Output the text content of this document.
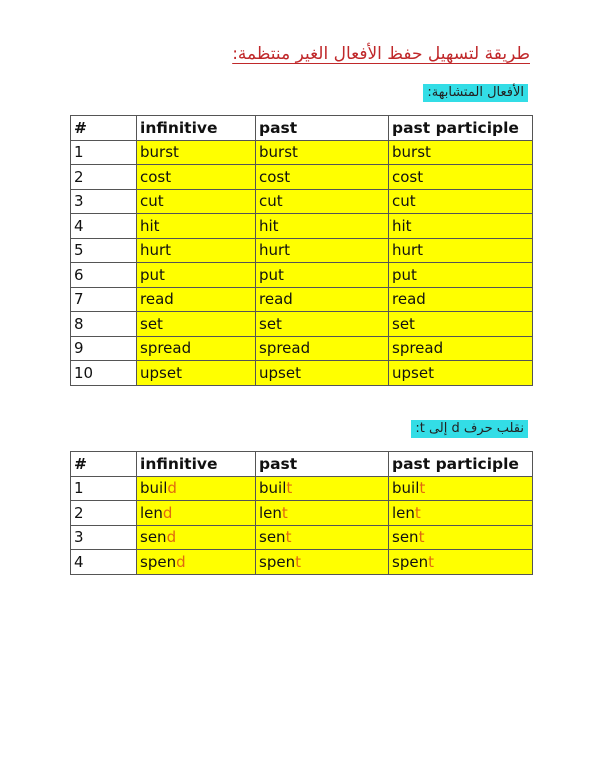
طريقة لتسهيل حفظ الأفعال الغير منتظمة:
الأفعال المتشابهة:
#	infinitive	past	past participle
1	burst	burst	burst
2	cost	cost	cost
3	cut	cut	cut
4	hit	hit	hit
5	hurt	hurt	hurt
6	put	put	put
7	read	read	read
8	set	set	set
9	spread	spread	spread
10	upset	upset	upset
نقلب حرف d إلى t:
#	infinitive	past	past participle
1	build	built	built
2	lend	lent	lent
3	send	sent	sent
4	spend	spent	spent
